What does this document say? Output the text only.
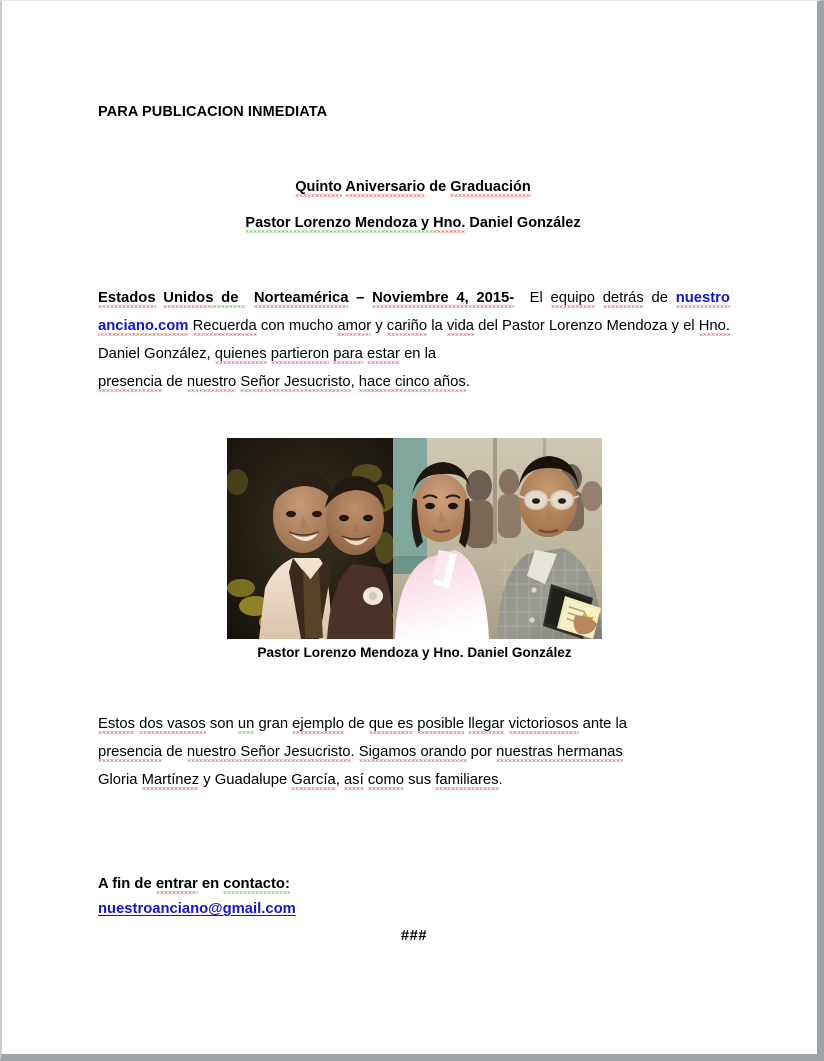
PARA PUBLICACION INMEDIATA
Quinto Aniversario de Graduación
Pastor Lorenzo Mendoza y Hno. Daniel González
Estados Unidos de  Norteamérica – Noviembre 4, 2015-  El equipo detrás de nuestro anciano.com Recuerda con mucho amor y cariño la vida del Pastor Lorenzo Mendoza y el Hno. Daniel González, quienes partieron para estar en la
presencia de nuestro Señor Jesucristo, hace cinco años.
Pastor Lorenzo Mendoza y Hno. Daniel González
Estos dos vasos son un gran ejemplo de que es posible llegar victoriosos ante la
presencia de nuestro Señor Jesucristo. Sigamos orando por nuestras hermanas
Gloria Martínez y Guadalupe García, así como sus familiares.
A fin de entrar en contacto:
nuestroanciano@gmail.com
###
